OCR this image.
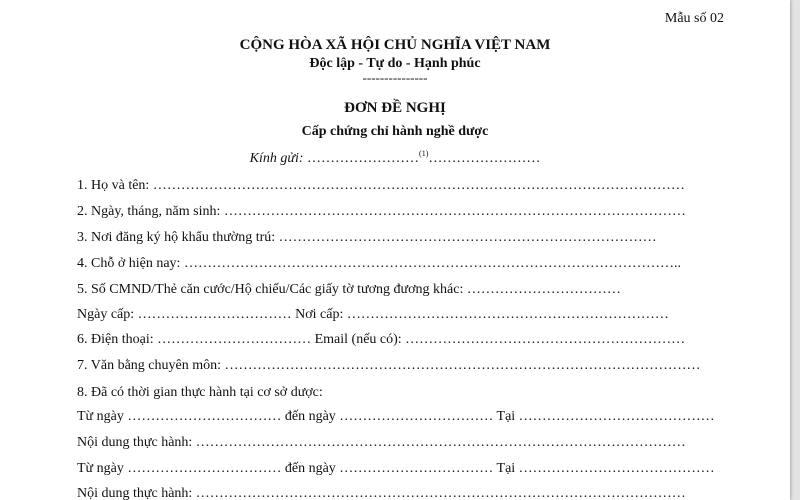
Mẫu số 02
CỘNG HÒA XÃ HỘI CHỦ NGHĨA VIỆT NAM
Độc lập - Tự do - Hạnh phúc
---------------
ĐƠN ĐỀ NGHỊ
Cấp chứng chỉ hành nghề dược
Kính gửi: ……………………$^{(1)}$……………………
1. Họ và tên: ……………………………………………………………………………………………………
2. Ngày, tháng, năm sinh: ………………………………………………………………………………………
3. Nơi đăng ký hộ khẩu thường trú: ………………………………………………………………………
4. Chỗ ở hiện nay: ……………………………………………………………………………………………..
5. Số CMND/Thẻ căn cước/Hộ chiếu/Các giấy tờ tương đương khác: ……………………………
Ngày cấp: …………………………… Nơi cấp: ……………………………………………………………
6. Điện thoại: …………………………… Email (nếu có): ……………………………………………………
7. Văn bằng chuyên môn: …………………………………………………………………………………………
8. Đã có thời gian thực hành tại cơ sở dược:
Từ ngày …………………………… đến ngày …………………………… Tại ……………………………………
Nội dung thực hành: ……………………………………………………………………………………………
Từ ngày …………………………… đến ngày …………………………… Tại ……………………………………
Nội dung thực hành: ……………………………………………………………………………………………
